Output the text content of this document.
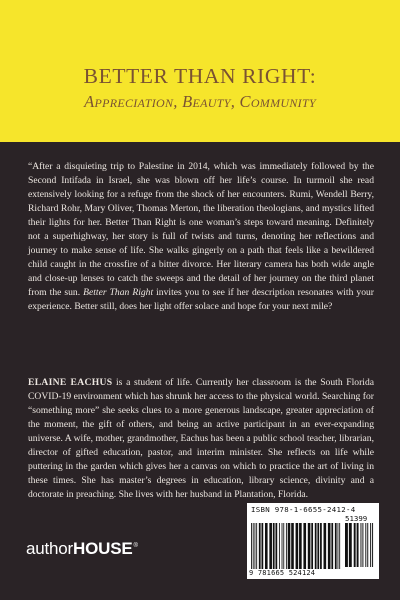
BETTER THAN RIGHT:
Appreciation, Beauty, Community
“After a disquieting trip to Palestine in 2014, which was immediately followed by the Second Intifada in Israel, she was blown off her life’s course. In turmoil she read extensively looking for a refuge from the shock of her encounters. Rumi, Wendell Berry, Richard Rohr, Mary Oliver, Thomas Merton, the liberation theologians, and mystics lifted their lights for her. Better Than Right is one woman’s steps toward meaning. Definitely not a superhighway, her story is full of twists and turns, denoting her reflections and journey to make sense of life. She walks gingerly on a path that feels like a bewildered child caught in the crossfire of a bitter divorce. Her literary camera has both wide angle and close-up lenses to catch the sweeps and the detail of her journey on the third planet from the sun. Better Than Right invites you to see if her description resonates with your experience. Better still, does her light offer solace and hope for your next mile?
ELAINE EACHUS is a student of life. Currently her classroom is the South Florida COVID-19 environment which has shrunk her access to the physical world. Searching for “something more” she seeks clues to a more generous landscape, greater appreciation of the moment, the gift of others, and being an active participant in an ever-expanding universe. A wife, mother, grandmother, Eachus has been a public school teacher, librarian, director of gifted education, pastor, and interim minister. She reflects on life while puttering in the garden which gives her a canvas on which to practice the art of living in these times. She has master’s degrees in education, library science, divinity and a doctorate in preaching. She lives with her husband in Plantation, Florida.
authorHOUSE®
ISBN 978-1-6655-2412-4
51399
9 781665 524124
